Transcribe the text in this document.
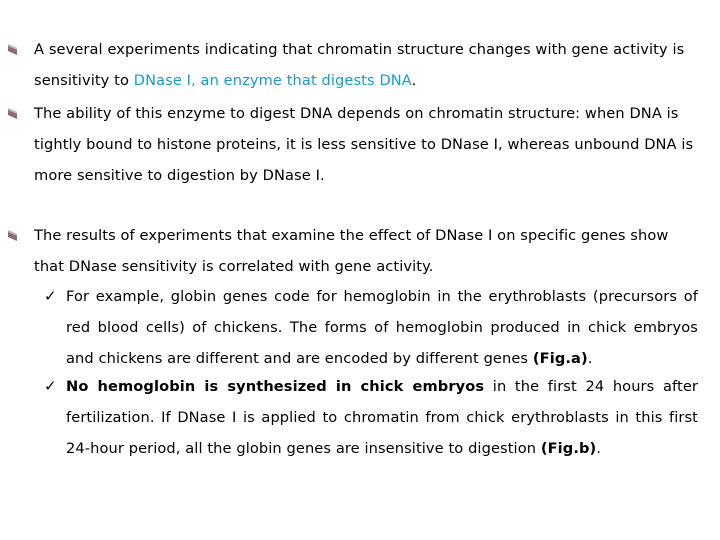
A several experiments indicating that chromatin structure changes with gene activity is sensitivity to DNase I, an enzyme that digests DNA.
The ability of this enzyme to digest DNA depends on chromatin structure: when DNA is tightly bound to histone proteins, it is less sensitive to DNase I, whereas unbound DNA is more sensitive to digestion by DNase I.
The results of experiments that examine the effect of DNase I on specific genes show that DNase sensitivity is correlated with gene activity.
✓ For example, globin genes code for hemoglobin in the erythroblasts (precursors of red blood cells) of chickens. The forms of hemoglobin produced in chick embryos and chickens are different and are encoded by different genes (Fig.a).
✓ No hemoglobin is synthesized in chick embryos in the first 24 hours after fertilization. If DNase I is applied to chromatin from chick erythroblasts in this first 24-hour period, all the globin genes are insensitive to digestion (Fig.b).
